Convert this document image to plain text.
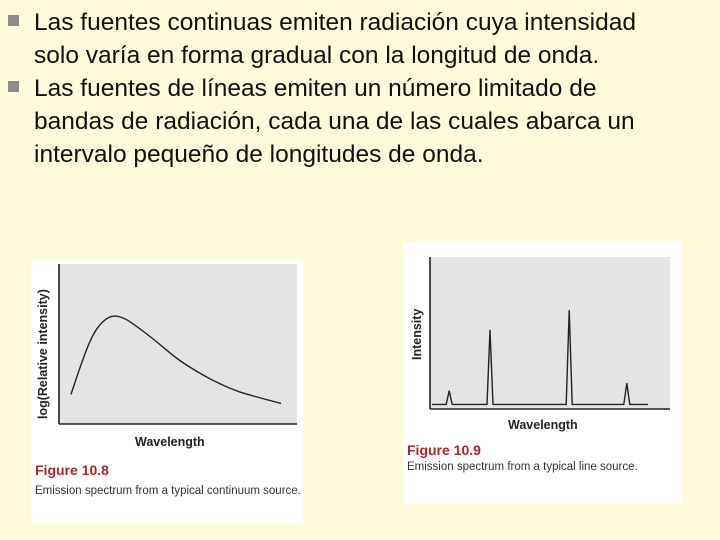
Las fuentes continuas emiten radiación cuya intensidad solo varía en forma gradual con la longitud de onda.
Las fuentes de líneas emiten un número limitado de bandas de radiación, cada una de las cuales abarca un intervalo pequeño de longitudes de onda.
log(Relative intensity)
Wavelength
Figure 10.8
Emission spectrum from a typical continuum source.
Intensity
Wavelength
Figure 10.9
Emission spectrum from a typical line source.
